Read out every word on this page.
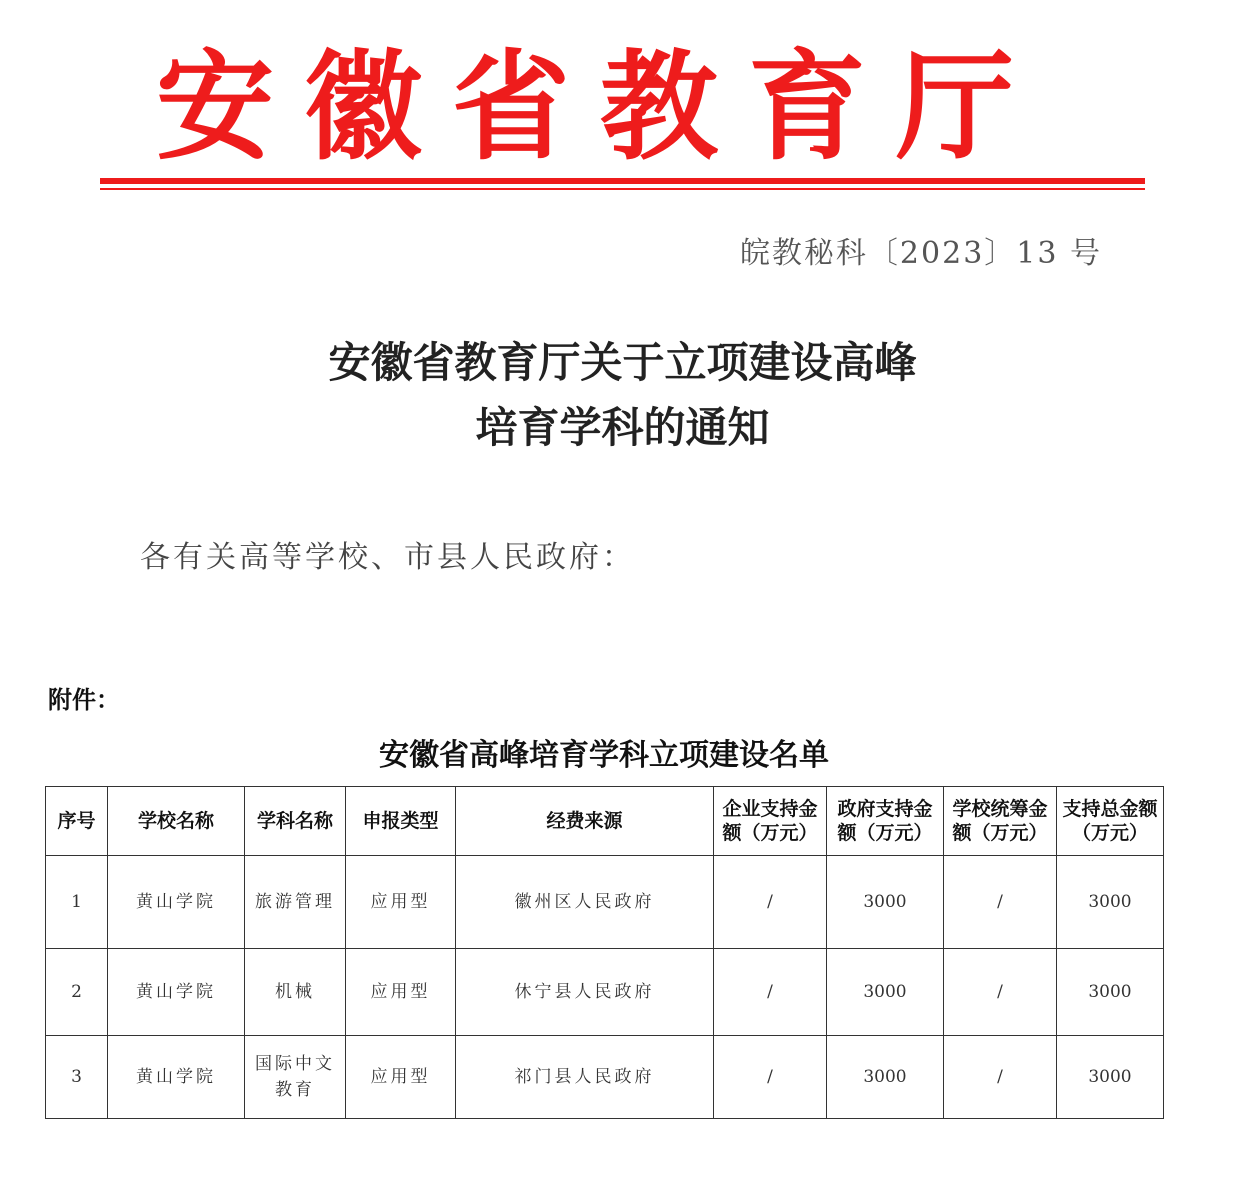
安徽省教育厅
皖教秘科〔2023〕13 号
安徽省教育厅关于立项建设高峰
培育学科的通知
各有关高等学校、市县人民政府：
附件：
安徽省高峰培育学科立项建设名单
序号	学校名称	学科名称	申报类型	经费来源	企业支持金额（万元）	政府支持金额（万元）	学校统筹金额（万元）	支持总金额（万元）
1	黄山学院	旅游管理	应用型	徽州区人民政府	/	3000	/	3000
2	黄山学院	机械	应用型	休宁县人民政府	/	3000	/	3000
3	黄山学院	国际中文教育	应用型	祁门县人民政府	/	3000	/	3000
